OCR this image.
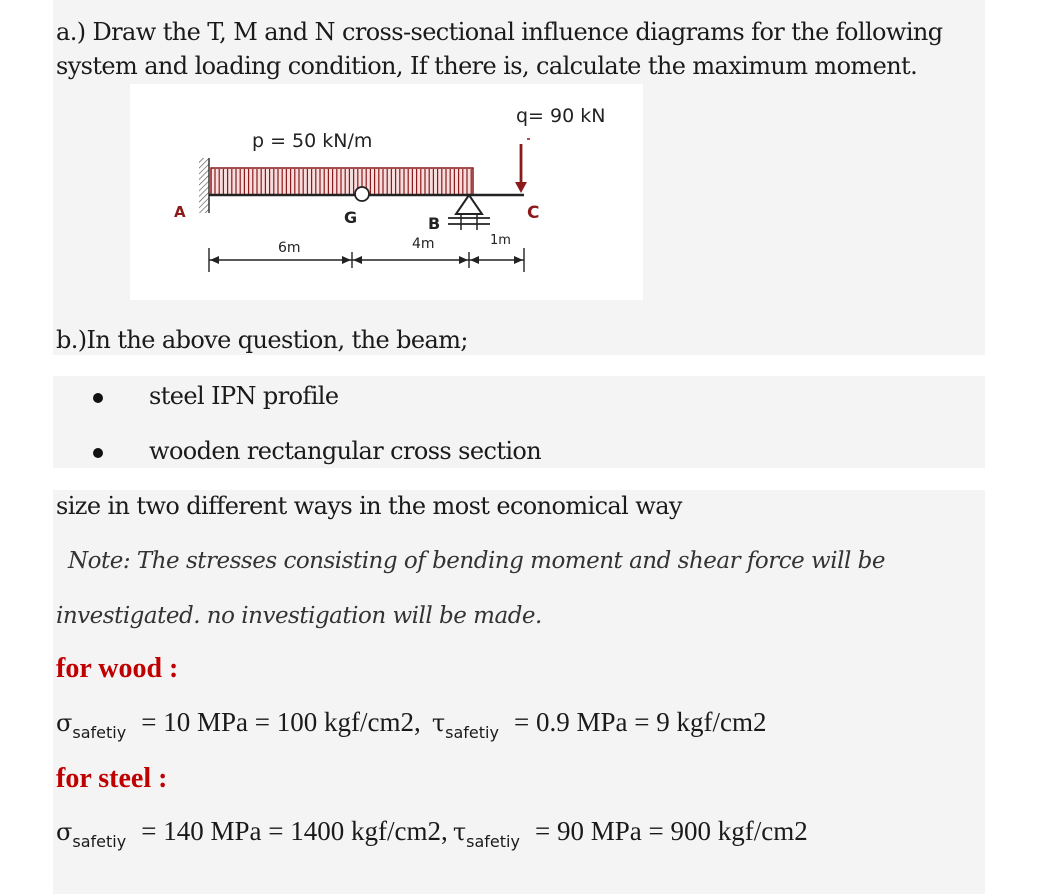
a.) Draw the T, M and N cross-sectional influence diagrams for the following
system and loading condition, If there is, calculate the maximum moment.
q= 90 kN
p = 50 kN/m
A	G	B
C
6m	4m	1m
b.)In the above question, the beam;
steel IPN profile
wooden rectangular cross section
size in two different ways in the most economical way
Note: The stresses consisting of bending moment and shear force will be
investigated. no investigation will be made.
for wood :
σsafetiy = 10 MPa = 100 kgf/cm2, τsafetiy = 0.9 MPa = 9 kgf/cm2
for steel :
σsafetiy = 140 MPa = 1400 kgf/cm2, τsafetiy = 90 MPa = 900 kgf/cm2
